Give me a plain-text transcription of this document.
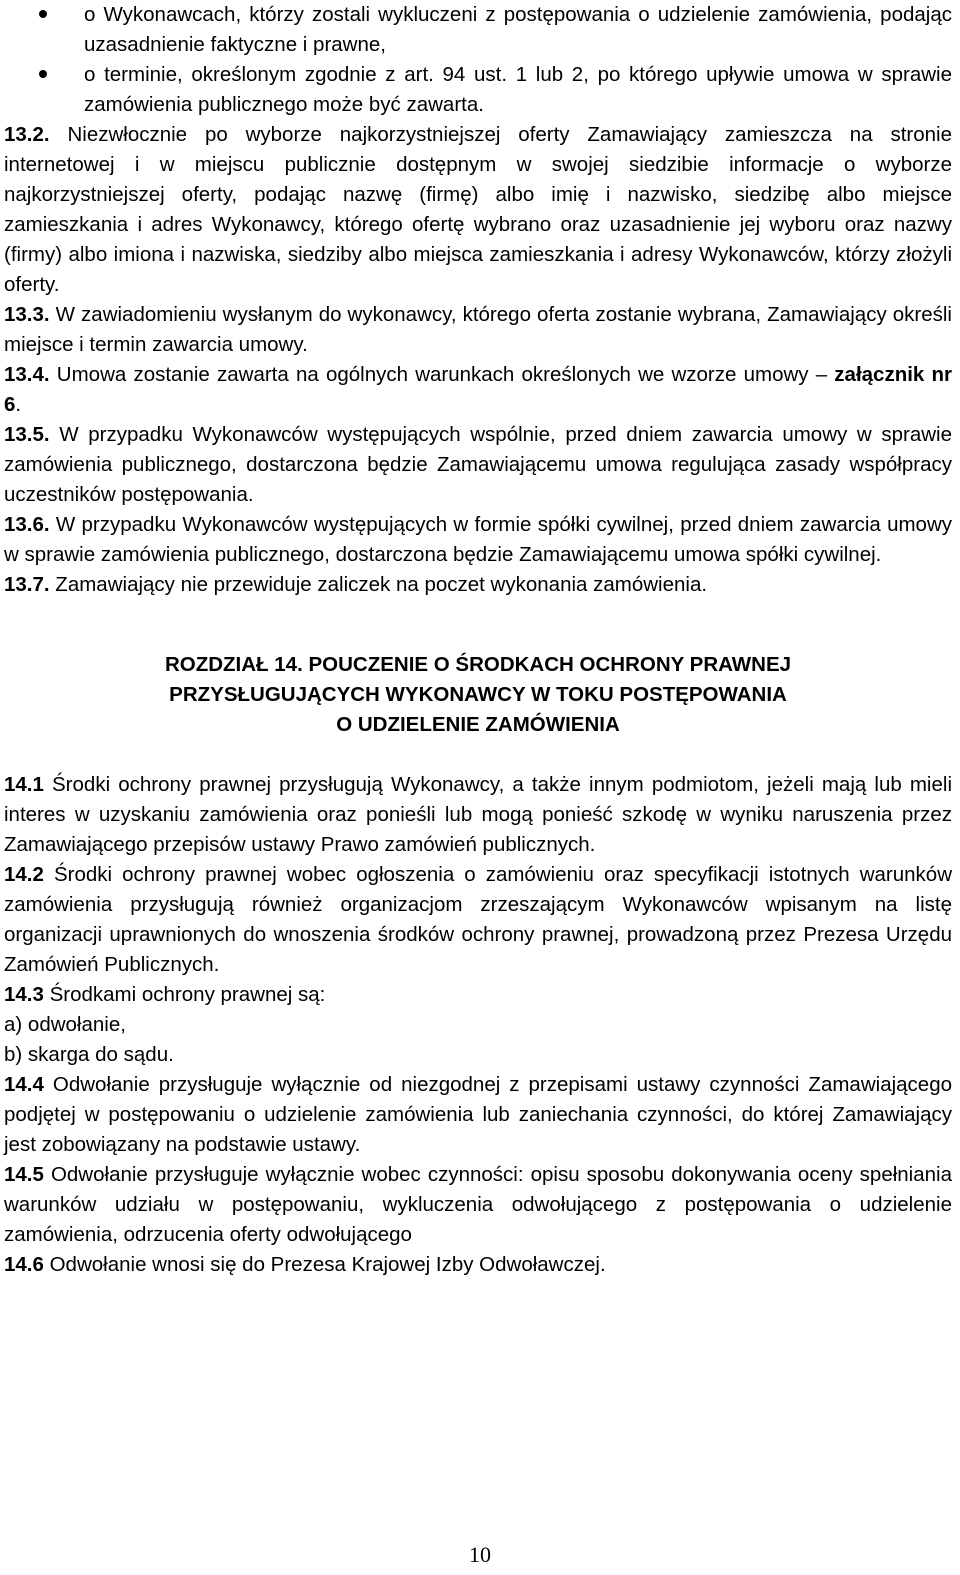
o Wykonawcach, którzy zostali wykluczeni z postępowania o udzielenie zamówienia, podając uzasadnienie faktyczne i prawne,

o terminie, określonym zgodnie z art. 94 ust. 1 lub 2, po którego upływie umowa w sprawie zamówienia publicznego może być zawarta.

13.2. Niezwłocznie po wyborze najkorzystniejszej oferty Zamawiający zamieszcza na stronie internetowej i w miejscu publicznie dostępnym w swojej siedzibie informacje o wyborze najkorzystniejszej oferty, podając nazwę (firmę) albo imię i nazwisko, siedzibę albo miejsce zamieszkania i adres Wykonawcy, którego ofertę wybrano oraz uzasadnienie jej wyboru oraz nazwy (firmy) albo imiona i nazwiska, siedziby albo miejsca zamieszkania i adresy Wykonawców, którzy złożyli oferty.

13.3. W zawiadomieniu wysłanym do wykonawcy, którego oferta zostanie wybrana, Zamawiający określi miejsce i termin zawarcia umowy.

13.4. Umowa zostanie zawarta na ogólnych warunkach określonych we wzorze umowy – załącznik nr 6.

13.5. W przypadku Wykonawców występujących wspólnie, przed dniem zawarcia umowy w sprawie zamówienia publicznego, dostarczona będzie Zamawiającemu umowa regulująca zasady współpracy uczestników postępowania.

13.6. W przypadku Wykonawców występujących w formie spółki cywilnej, przed dniem zawarcia umowy w sprawie zamówienia publicznego, dostarczona będzie Zamawiającemu umowa spółki cywilnej.

13.7. Zamawiający nie przewiduje zaliczek na poczet wykonania zamówienia.

ROZDZIAŁ 14. POUCZENIE O ŚRODKACH OCHRONY PRAWNEJ
PRZYSŁUGUJĄCYCH WYKONAWCY W TOKU POSTĘPOWANIA
O UDZIELENIE ZAMÓWIENIA

14.1 Środki ochrony prawnej przysługują Wykonawcy, a także innym podmiotom, jeżeli mają lub mieli interes w uzyskaniu zamówienia oraz ponieśli lub mogą ponieść szkodę w wyniku naruszenia przez Zamawiającego przepisów ustawy Prawo zamówień publicznych.

14.2 Środki ochrony prawnej wobec ogłoszenia o zamówieniu oraz specyfikacji istotnych warunków zamówienia przysługują również organizacjom zrzeszającym Wykonawców wpisanym na listę organizacji uprawnionych do wnoszenia środków ochrony prawnej, prowadzoną przez Prezesa Urzędu Zamówień Publicznych.

14.3 Środkami ochrony prawnej są:

a) odwołanie,

b) skarga do sądu.

14.4 Odwołanie przysługuje wyłącznie od niezgodnej z przepisami ustawy czynności Zamawiającego podjętej w postępowaniu o udzielenie zamówienia lub zaniechania czynności, do której Zamawiający jest zobowiązany na podstawie ustawy.

14.5 Odwołanie przysługuje wyłącznie wobec czynności: opisu sposobu dokonywania oceny spełniania warunków udziału w postępowaniu, wykluczenia odwołującego z postępowania o udzielenie zamówienia, odrzucenia oferty odwołującego

14.6 Odwołanie wnosi się do Prezesa Krajowej Izby Odwoławczej.

10
